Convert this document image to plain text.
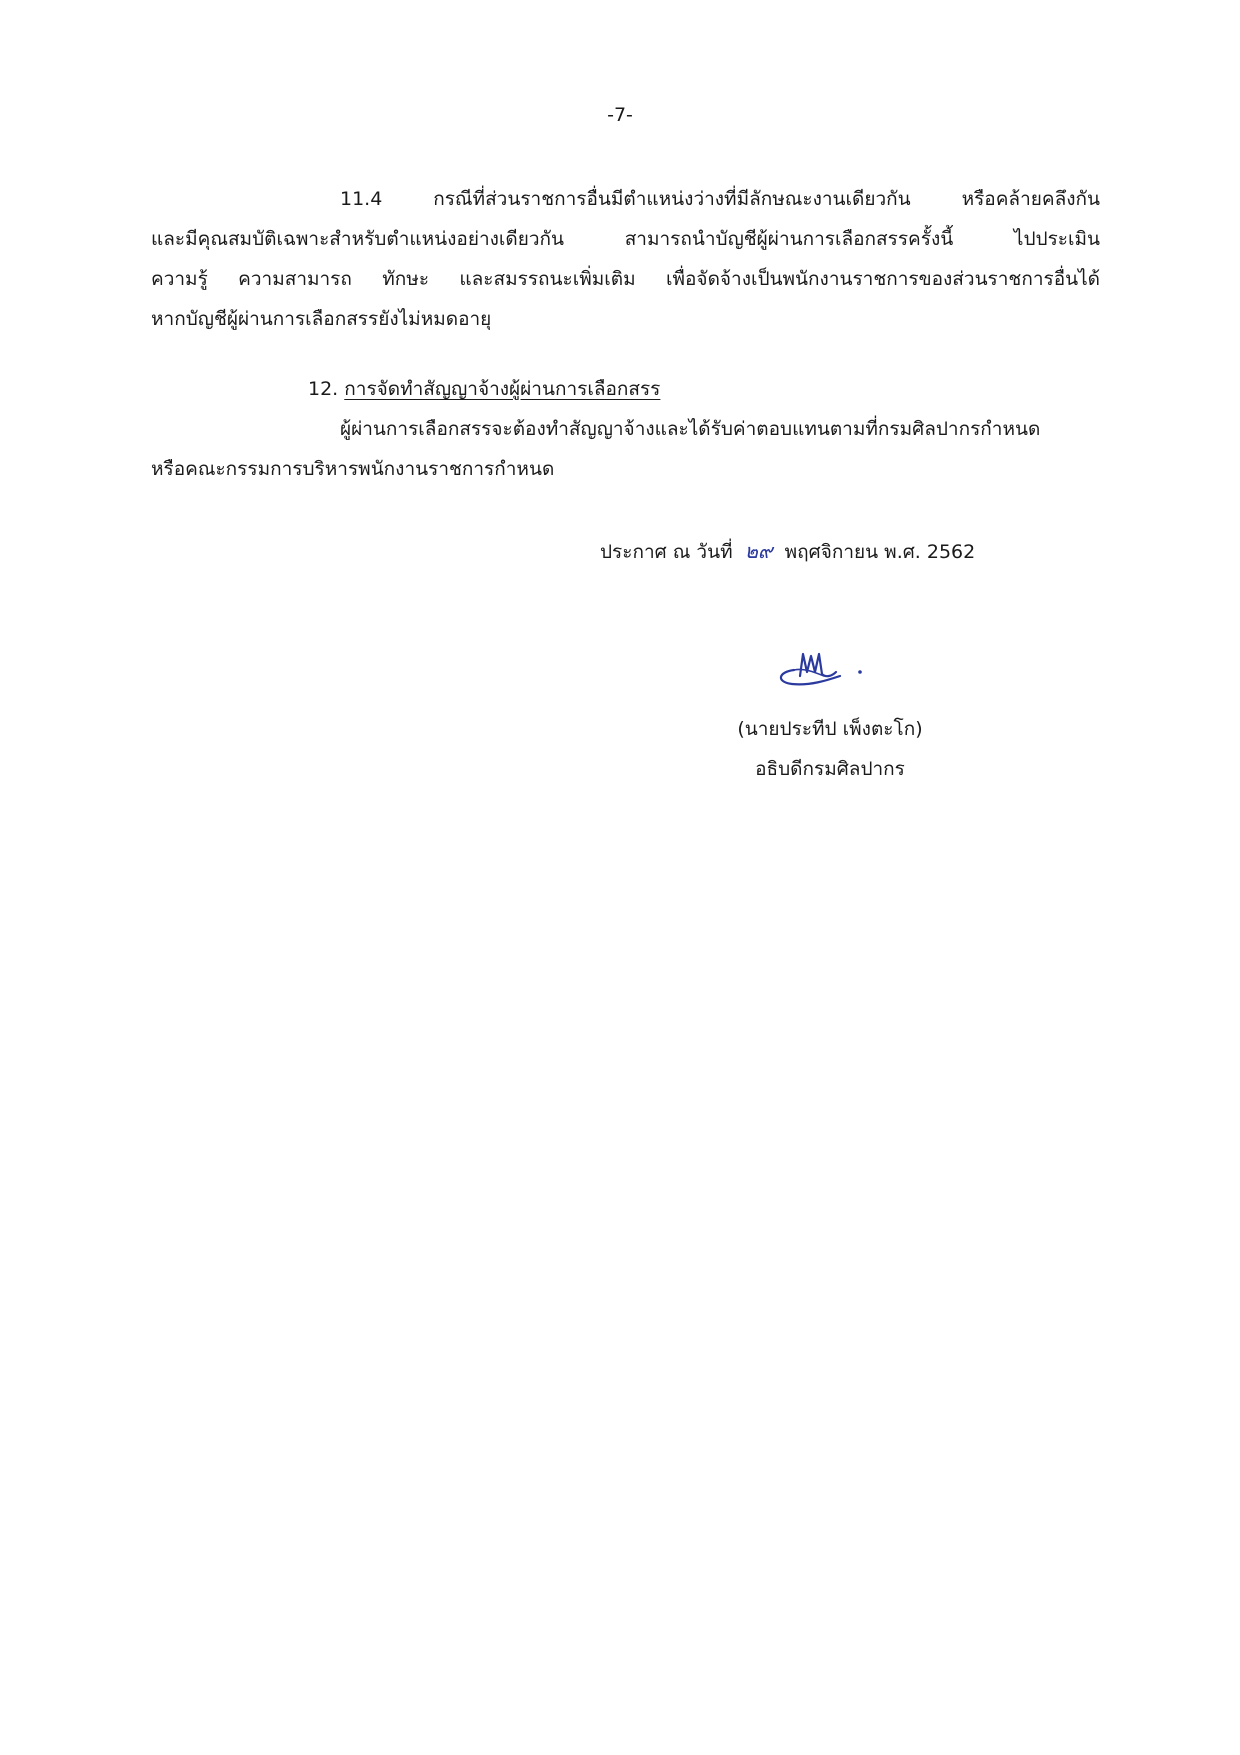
-7-
11.4 กรณีที่ส่วนราชการอื่นมีตำแหน่งว่างที่มีลักษณะงานเดียวกัน หรือคล้ายคลึงกัน
และมีคุณสมบัติเฉพาะสำหรับตำแหน่งอย่างเดียวกัน สามารถนำบัญชีผู้ผ่านการเลือกสรรครั้งนี้ ไปประเมิน
ความรู้ ความสามารถ ทักษะ และสมรรถนะเพิ่มเติม เพื่อจัดจ้างเป็นพนักงานราชการของส่วนราชการอื่นได้
หากบัญชีผู้ผ่านการเลือกสรรยังไม่หมดอายุ
12. การจัดทำสัญญาจ้างผู้ผ่านการเลือกสรร
ผู้ผ่านการเลือกสรรจะต้องทำสัญญาจ้างและได้รับค่าตอบแทนตามที่กรมศิลปากรกำหนด
หรือคณะกรรมการบริหารพนักงานราชการกำหนด
ประกาศ ณ วันที่ ๒๙ พฤศจิกายน พ.ศ. 2562
(นายประทีป เพ็งตะโก)
อธิบดีกรมศิลปากร
